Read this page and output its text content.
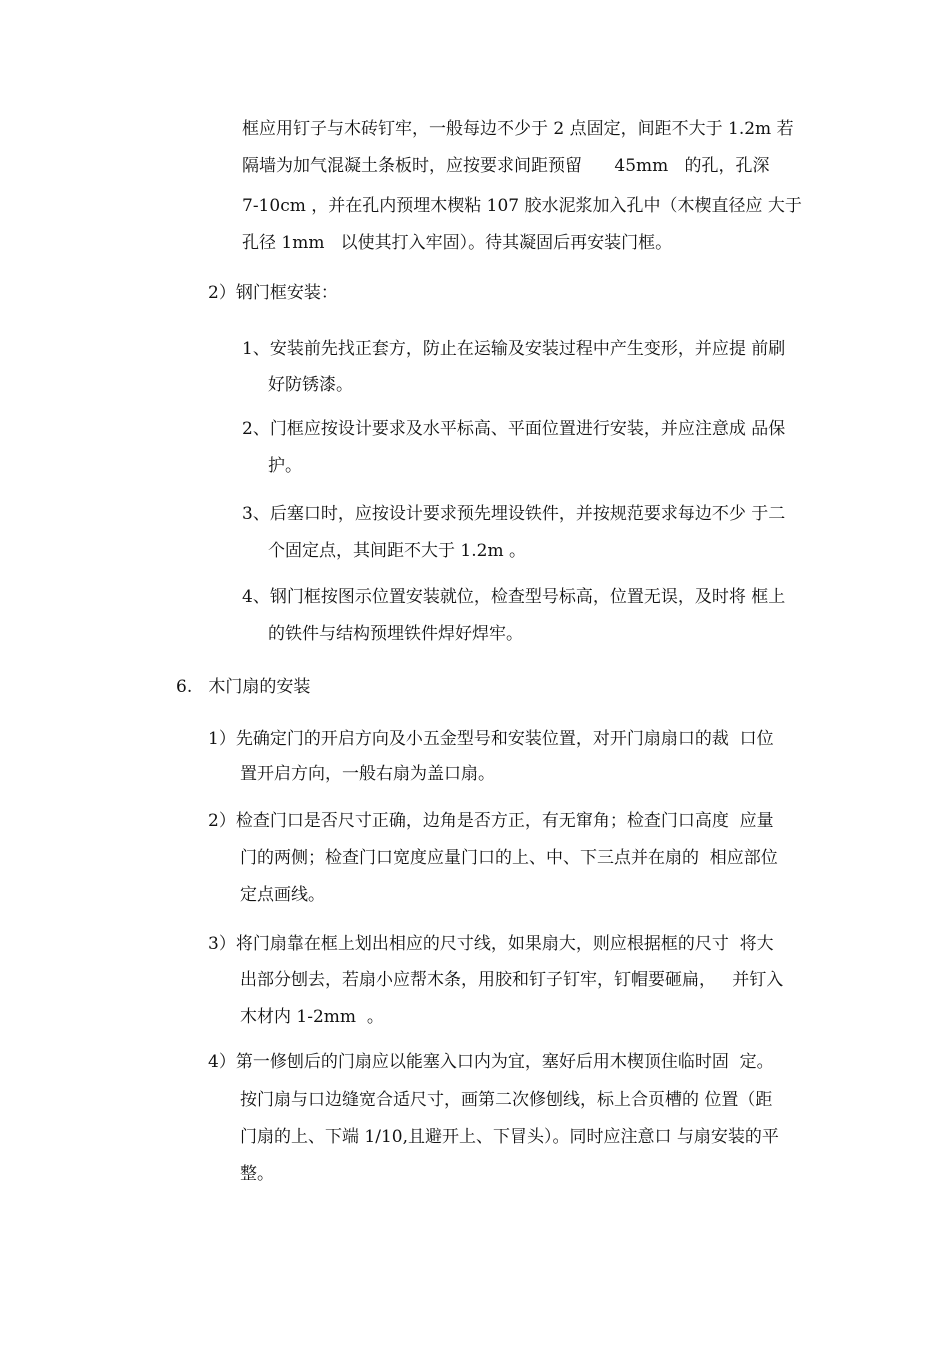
框应用钉子与木砖钉牢，一般每边不少于 2 点固定，间距不大于 1.2m 若
隔墙为加气混凝土条板时，应按要求间距预留      45mm   的孔，孔深
7-10cm ，并在孔内预埋木楔粘 107 胶水泥浆加入孔中（木楔直径应 大于
孔径 1mm   以使其打入牢固）。待其凝固后再安装门框。
2）钢门框安装：
1、安装前先找正套方，防止在运输及安装过程中产生变形，并应提 前刷
好防锈漆。
2、门框应按设计要求及水平标高、平面位置进行安装，并应注意成 品保
护。
3、后塞口时，应按设计要求预先埋设铁件，并按规范要求每边不少 于二
个固定点，其间距不大于 1.2m 。
4、钢门框按图示位置安装就位，检查型号标高，位置无误，及时将 框上
的铁件与结构预埋铁件焊好焊牢。
6.   木门扇的安装
1）先确定门的开启方向及小五金型号和安装位置，对开门扇扇口的裁  口位
置开启方向，一般右扇为盖口扇。
2）检查门口是否尺寸正确，边角是否方正，有无窜角；检查门口高度  应量
门的两侧；检查门口宽度应量门口的上、中、下三点并在扇的  相应部位
定点画线。
3）将门扇靠在框上划出相应的尺寸线，如果扇大，则应根据框的尺寸  将大
出部分刨去，若扇小应帮木条，用胶和钉子钉牢，钉帽要砸扁，   并钉入
木材内 1-2mm  。
4）第一修刨后的门扇应以能塞入口内为宜，塞好后用木楔顶住临时固  定。
按门扇与口边缝宽合适尺寸，画第二次修刨线，标上合页槽的 位置（距
门扇的上、下端 1/10,且避开上、下冒头）。同时应注意口 与扇安装的平
整。
